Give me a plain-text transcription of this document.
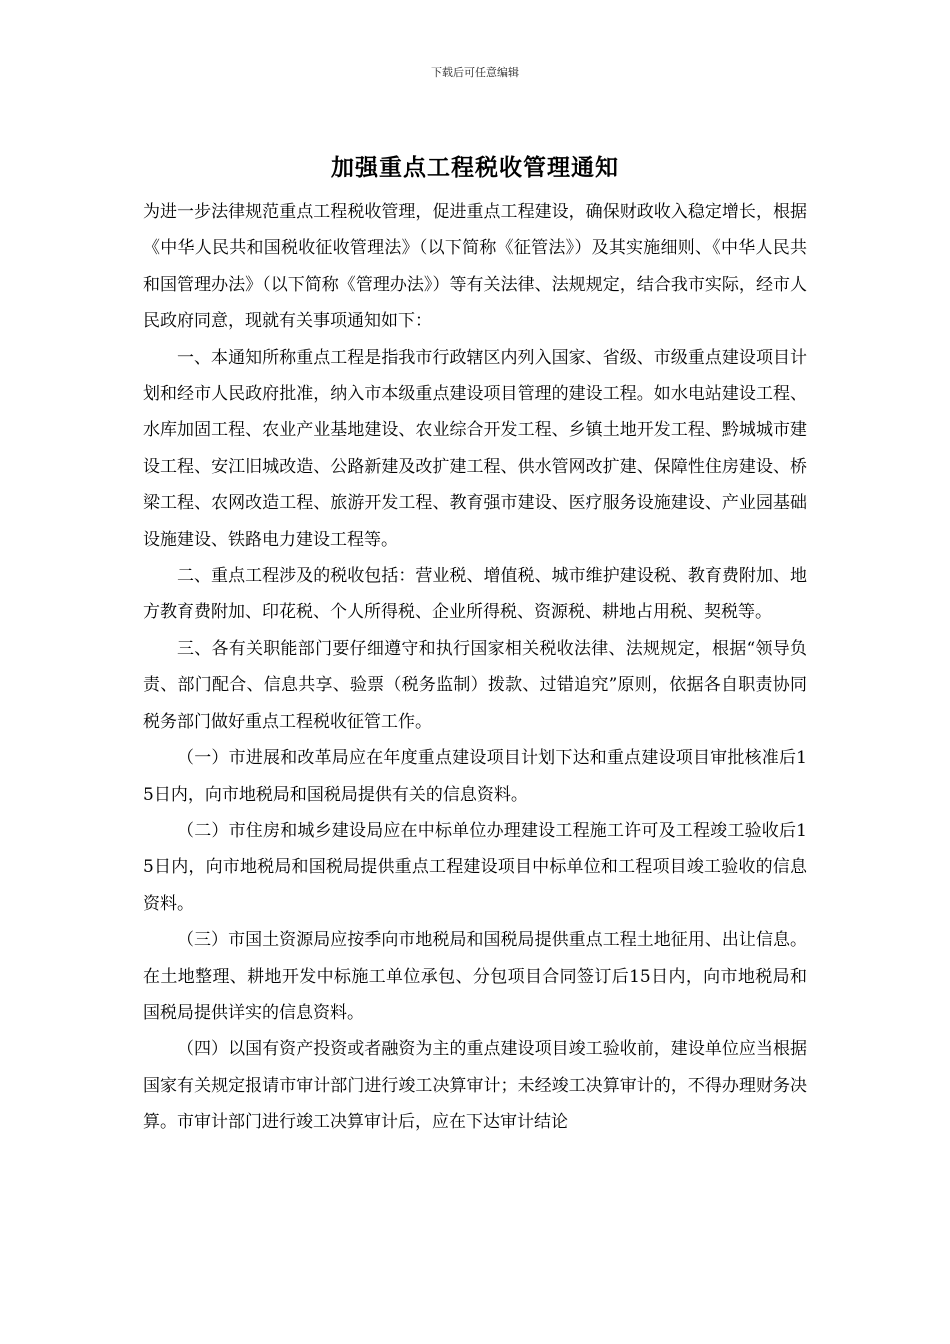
下载后可任意编辑
加强重点工程税收管理通知

为进一步法律规范重点工程税收管理，促进重点工程建设，确保财政收入稳定增长，根据《中华人民共和国税收征收管理法》（以下简称《征管法》）及其实施细则、《中华人民共和国管理办法》（以下简称《管理办法》）等有关法律、法规规定，结合我市实际，经市人民政府同意，现就有关事项通知如下：

一、本通知所称重点工程是指我市行政辖区内列入国家、省级、市级重点建设项目计划和经市人民政府批准，纳入市本级重点建设项目管理的建设工程。如水电站建设工程、水库加固工程、农业产业基地建设、农业综合开发工程、乡镇土地开发工程、黔城城市建设工程、安江旧城改造、公路新建及改扩建工程、供水管网改扩建、保障性住房建设、桥梁工程、农网改造工程、旅游开发工程、教育强市建设、医疗服务设施建设、产业园基础设施建设、铁路电力建设工程等。

二、重点工程涉及的税收包括：营业税、增值税、城市维护建设税、教育费附加、地方教育费附加、印花税、个人所得税、企业所得税、资源税、耕地占用税、契税等。

三、各有关职能部门要仔细遵守和执行国家相关税收法律、法规规定，根据“领导负责、部门配合、信息共享、验票（税务监制）拨款、过错追究”原则，依据各自职责协同税务部门做好重点工程税收征管工作。

（一）市进展和改革局应在年度重点建设项目计划下达和重点建设项目审批核准后15日内，向市地税局和国税局提供有关的信息资料。

（二）市住房和城乡建设局应在中标单位办理建设工程施工许可及工程竣工验收后15日内，向市地税局和国税局提供重点工程建设项目中标单位和工程项目竣工验收的信息资料。

（三）市国土资源局应按季向市地税局和国税局提供重点工程土地征用、出让信息。在土地整理、耕地开发中标施工单位承包、分包项目合同签订后15日内，向市地税局和国税局提供详实的信息资料。

（四）以国有资产投资或者融资为主的重点建设项目竣工验收前，建设单位应当根据国家有关规定报请市审计部门进行竣工决算审计；未经竣工决算审计的，不得办理财务决算。市审计部门进行竣工决算审计后，应在下达审计结论
